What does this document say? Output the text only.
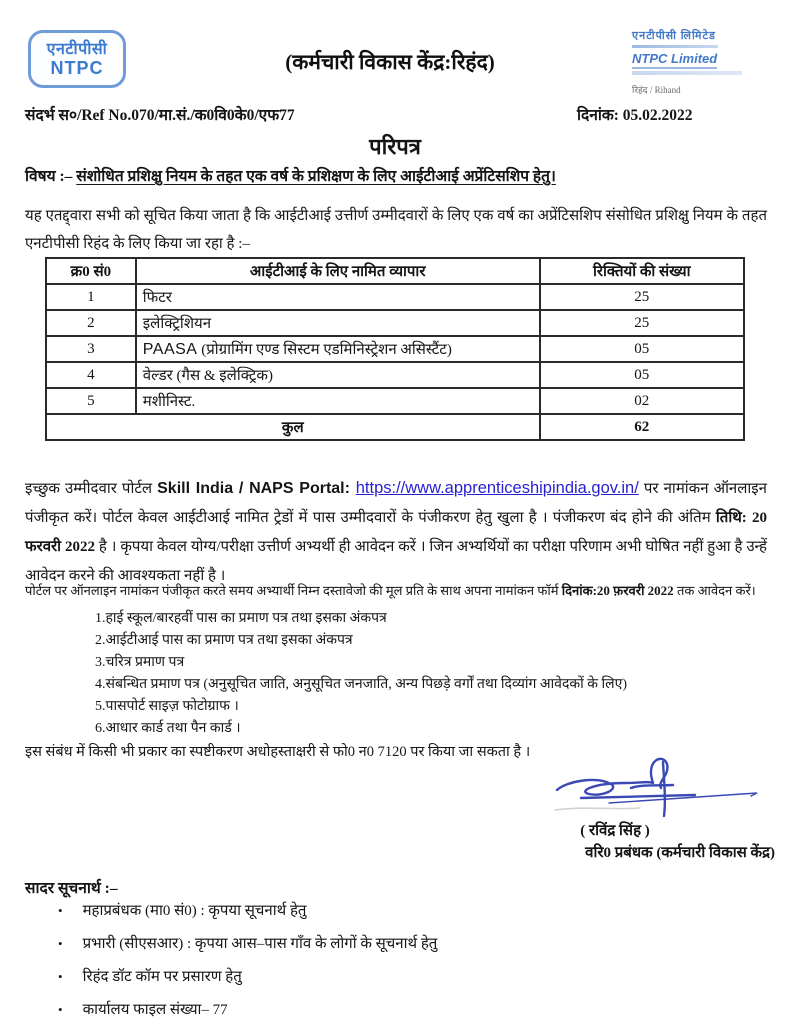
एनटीपीसी
NTPC	(कर्मचारी विकास केंद्र:रिहंद)
एनटीपीसी लिमिटेड
NTPC Limited
रिहंद / Rihand
संदर्भ स०/Ref No.070/मा.सं./क0वि0के0/एफ77	दिनांक: 05.02.2022
परिपत्र
विषय :– संशोधित प्रशिक्षु नियम के तहत एक वर्ष के प्रशिक्षण के लिए आईटीआई अप्रेंटिसशिप हेतु।
यह एतद्द्वारा सभी को सूचित किया जाता है कि आईटीआई उत्तीर्ण उम्मीदवारों के लिए एक वर्ष का अप्रेंटिसशिप संसोधित प्रशिक्षु नियम के तहत एनटीपीसी रिहंद के लिए किया जा रहा है :–
क्र0 सं0	आईटीआई के लिए नामित व्यापार	रिक्तियों की संख्या
1	फिटर	25
2	इलेक्ट्रिशियन	25
3	PAASA (प्रोग्रामिंग एण्ड सिस्टम एडमिनिस्ट्रेशन असिस्टैंट)	05
4	वेल्डर (गैस & इलेक्ट्रिक)	05
5	मशीनिस्ट.	02
कुल		62
इच्छुक उम्मीदवार पोर्टल Skill India / NAPS Portal: https://www.apprenticeshipindia.gov.in/ पर नामांकन ऑनलाइन पंजीकृत करें। पोर्टल केवल आईटीआई नामित ट्रेडों में पास उम्मीदवारों के पंजीकरण हेतु खुला है । पंजीकरण बंद होने की अंतिम तिथि: 20 फरवरी 2022 है । कृपया केवल योग्य/परीक्षा उत्तीर्ण अभ्यर्थी ही आवेदन करें । जिन अभ्यर्थियों का परीक्षा परिणाम अभी घोषित नहीं हुआ है उन्हें आवेदन करने की आवश्यकता नहीं है ।
पोर्टल पर ऑनलाइन नामांकन पंजीकृत करते समय अभ्यार्थी निम्न दस्तावेजो की मूल प्रति के साथ अपना नामांकन फॉर्म दिनांक:20 फ़रवरी 2022 तक आवेदन करें।
1.हाई स्कूल/बारहवीं पास का प्रमाण पत्र तथा इसका अंकपत्र
2.आईटीआई पास का प्रमाण पत्र तथा इसका अंकपत्र
3.चरित्र प्रमाण पत्र
4.संबन्धित प्रमाण पत्र (अनुसूचित जाति, अनुसूचित जनजाति, अन्य पिछड़े वर्गों तथा दिव्यांग आवेदकों के लिए)
5.पासपोर्ट साइज़ फोटोग्राफ ।
6.आधार कार्ड तथा पैन कार्ड ।
इस संबंध में किसी भी प्रकार का स्पष्टीकरण अधोहस्ताक्षरी से फो0 न0 7120 पर किया जा सकता है ।
( रविंद्र सिंह )
वरि0 प्रबंधक (कर्मचारी विकास केंद्र)
सादर सूचनार्थ :–
• महाप्रबंधक (मा0 सं0) : कृपया सूचनार्थ हेतु
• प्रभारी (सीएसआर) : कृपया आस–पास गाँव के लोगों के सूचनार्थ हेतु
• रिहंद डॉट कॉम पर प्रसारण हेतु
• कार्यालय फाइल संख्या– 77
